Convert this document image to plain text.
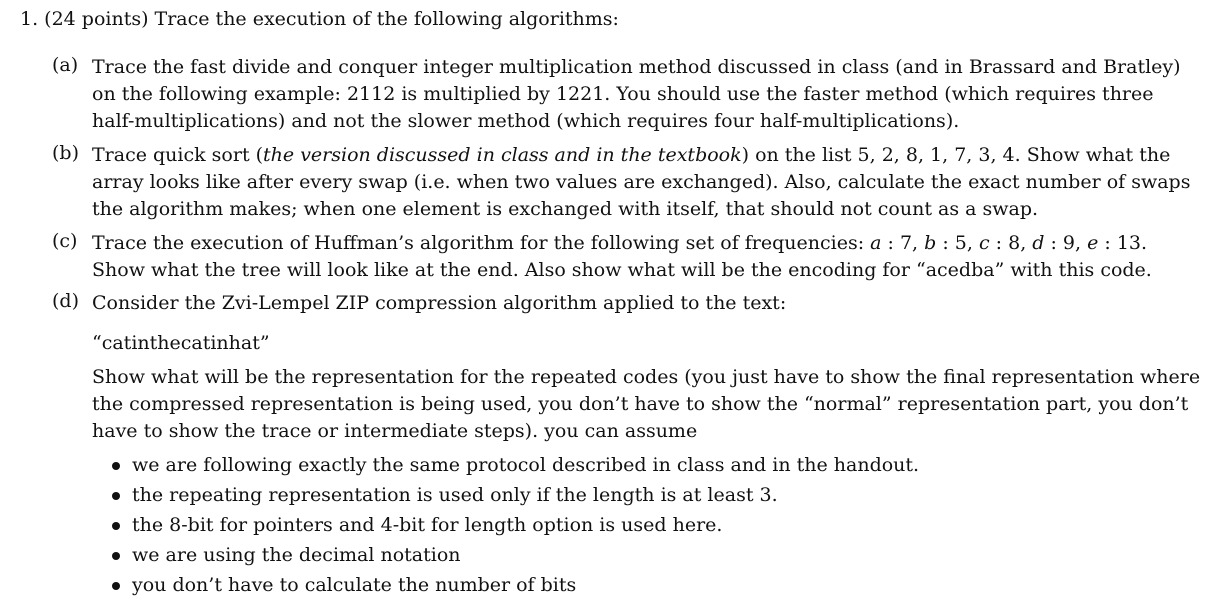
1. (24 points) Trace the execution of the following algorithms:
(a) Trace the fast divide and conquer integer multiplication method discussed in class (and in Brassard and Bratley)
on the following example: 2112 is multiplied by 1221. You should use the faster method (which requires three
half-multiplications) and not the slower method (which requires four half-multiplications).
(b) Trace quick sort (the version discussed in class and in the textbook) on the list 5, 2, 8, 1, 7, 3, 4. Show what the
array looks like after every swap (i.e. when two values are exchanged). Also, calculate the exact number of swaps
the algorithm makes; when one element is exchanged with itself, that should not count as a swap.
(c) Trace the execution of Huffman’s algorithm for the following set of frequencies: a : 7, b : 5, c : 8, d : 9, e : 13.
Show what the tree will look like at the end. Also show what will be the encoding for “acedba” with this code.
(d) Consider the Zvi-Lempel ZIP compression algorithm applied to the text:
“catinthecatinhat”
Show what will be the representation for the repeated codes (you just have to show the final representation where
the compressed representation is being used, you don’t have to show the “normal” representation part, you don’t
have to show the trace or intermediate steps). you can assume
we are following exactly the same protocol described in class and in the handout.
the repeating representation is used only if the length is at least 3.
the 8-bit for pointers and 4-bit for length option is used here.
we are using the decimal notation
you don’t have to calculate the number of bits
